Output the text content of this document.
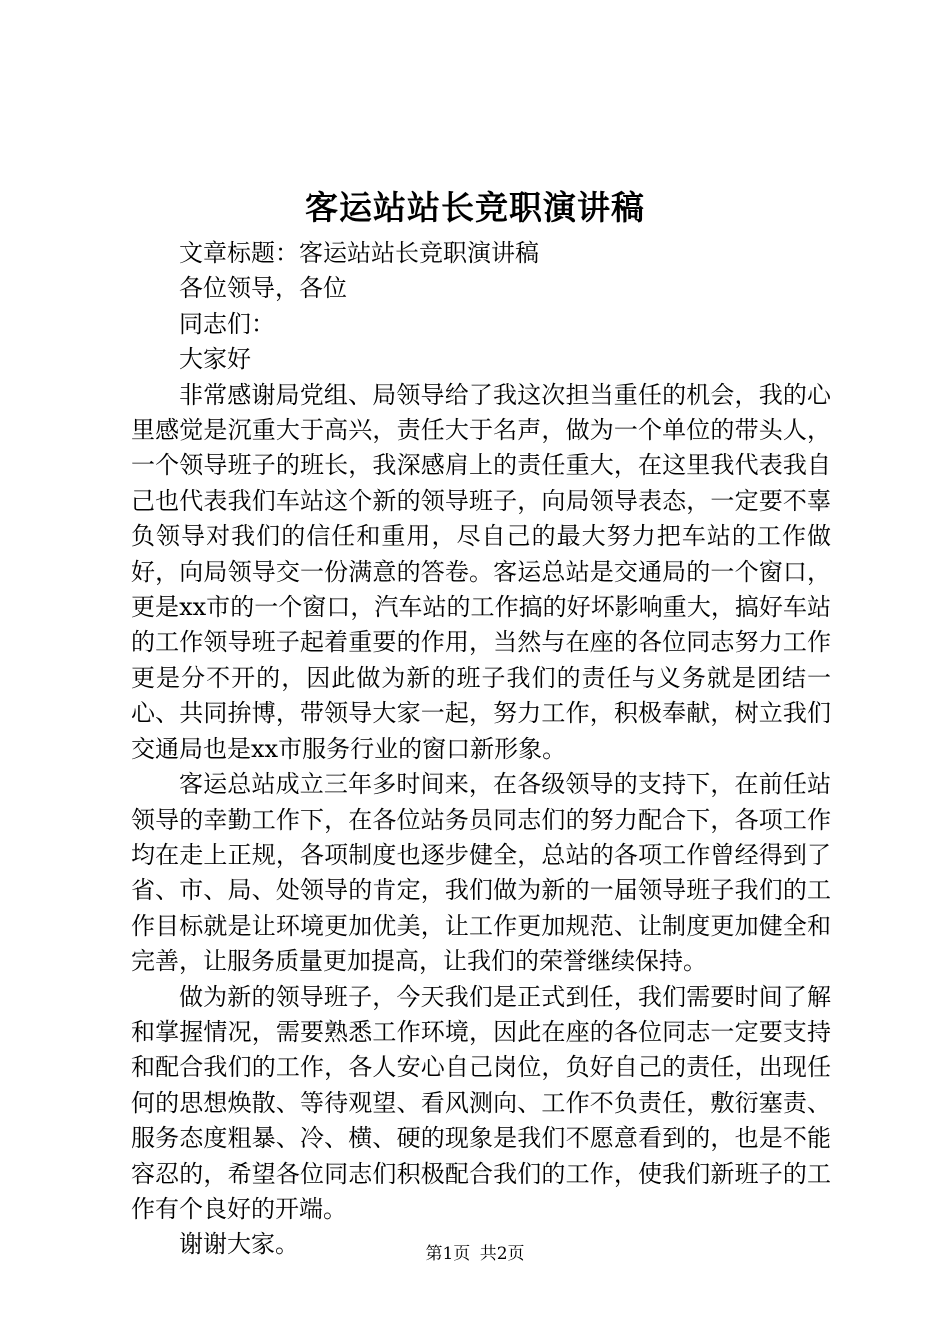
客运站站长竞职演讲稿

文章标题：客运站站长竞职演讲稿

各位领导，各位

同志们：

大家好

非常感谢局党组、局领导给了我这次担当重任的机会，我的心里感觉是沉重大于高兴，责任大于名声，做为一个单位的带头人，一个领导班子的班长，我深感肩上的责任重大，在这里我代表我自己也代表我们车站这个新的领导班子，向局领导表态，一定要不辜负领导对我们的信任和重用，尽自己的最大努力把车站的工作做好，向局领导交一份满意的答卷。客运总站是交通局的一个窗口，更是xx市的一个窗口，汽车站的工作搞的好坏影响重大，搞好车站的工作领导班子起着重要的作用，当然与在座的各位同志努力工作更是分不开的，因此做为新的班子我们的责任与义务就是团结一心、共同拚博，带领导大家一起，努力工作，积极奉献，树立我们交通局也是xx市服务行业的窗口新形象。

客运总站成立三年多时间来，在各级领导的支持下，在前任站领导的幸勤工作下，在各位站务员同志们的努力配合下，各项工作均在走上正规，各项制度也逐步健全，总站的各项工作曾经得到了省、市、局、处领导的肯定，我们做为新的一届领导班子我们的工作目标就是让环境更加优美，让工作更加规范、让制度更加健全和完善，让服务质量更加提高，让我们的荣誉继续保持。

做为新的领导班子，今天我们是正式到任，我们需要时间了解和掌握情况，需要熟悉工作环境，因此在座的各位同志一定要支持和配合我们的工作，各人安心自己岗位，负好自己的责任，出现任何的思想焕散、等待观望、看风测向、工作不负责任，敷衍塞责、服务态度粗暴、冷、横、硬的现象是我们不愿意看到的，也是不能容忍的，希望各位同志们积极配合我们的工作，使我们新班子的工作有个良好的开端。

谢谢大家。	第1页 共2页
